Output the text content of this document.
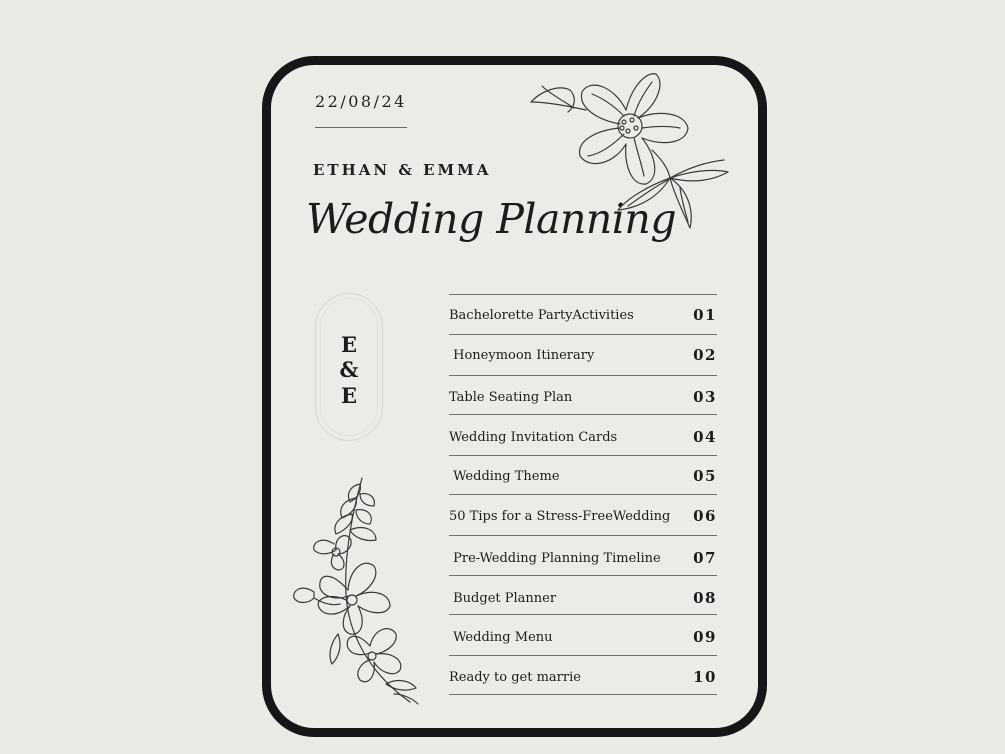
22/08/24
ETHAN & EMMA
Wedding Planning
E
&
E
Bachelorette PartyActivities	01
Honeymoon Itinerary	02
Table Seating Plan	03
Wedding Invitation Cards	04
Wedding Theme	05
50 Tips for a Stress-FreeWedding 06
Pre-Wedding Planning Timeline 07
Budget Planner	08
Wedding Menu	09
Ready to get marrie	10
